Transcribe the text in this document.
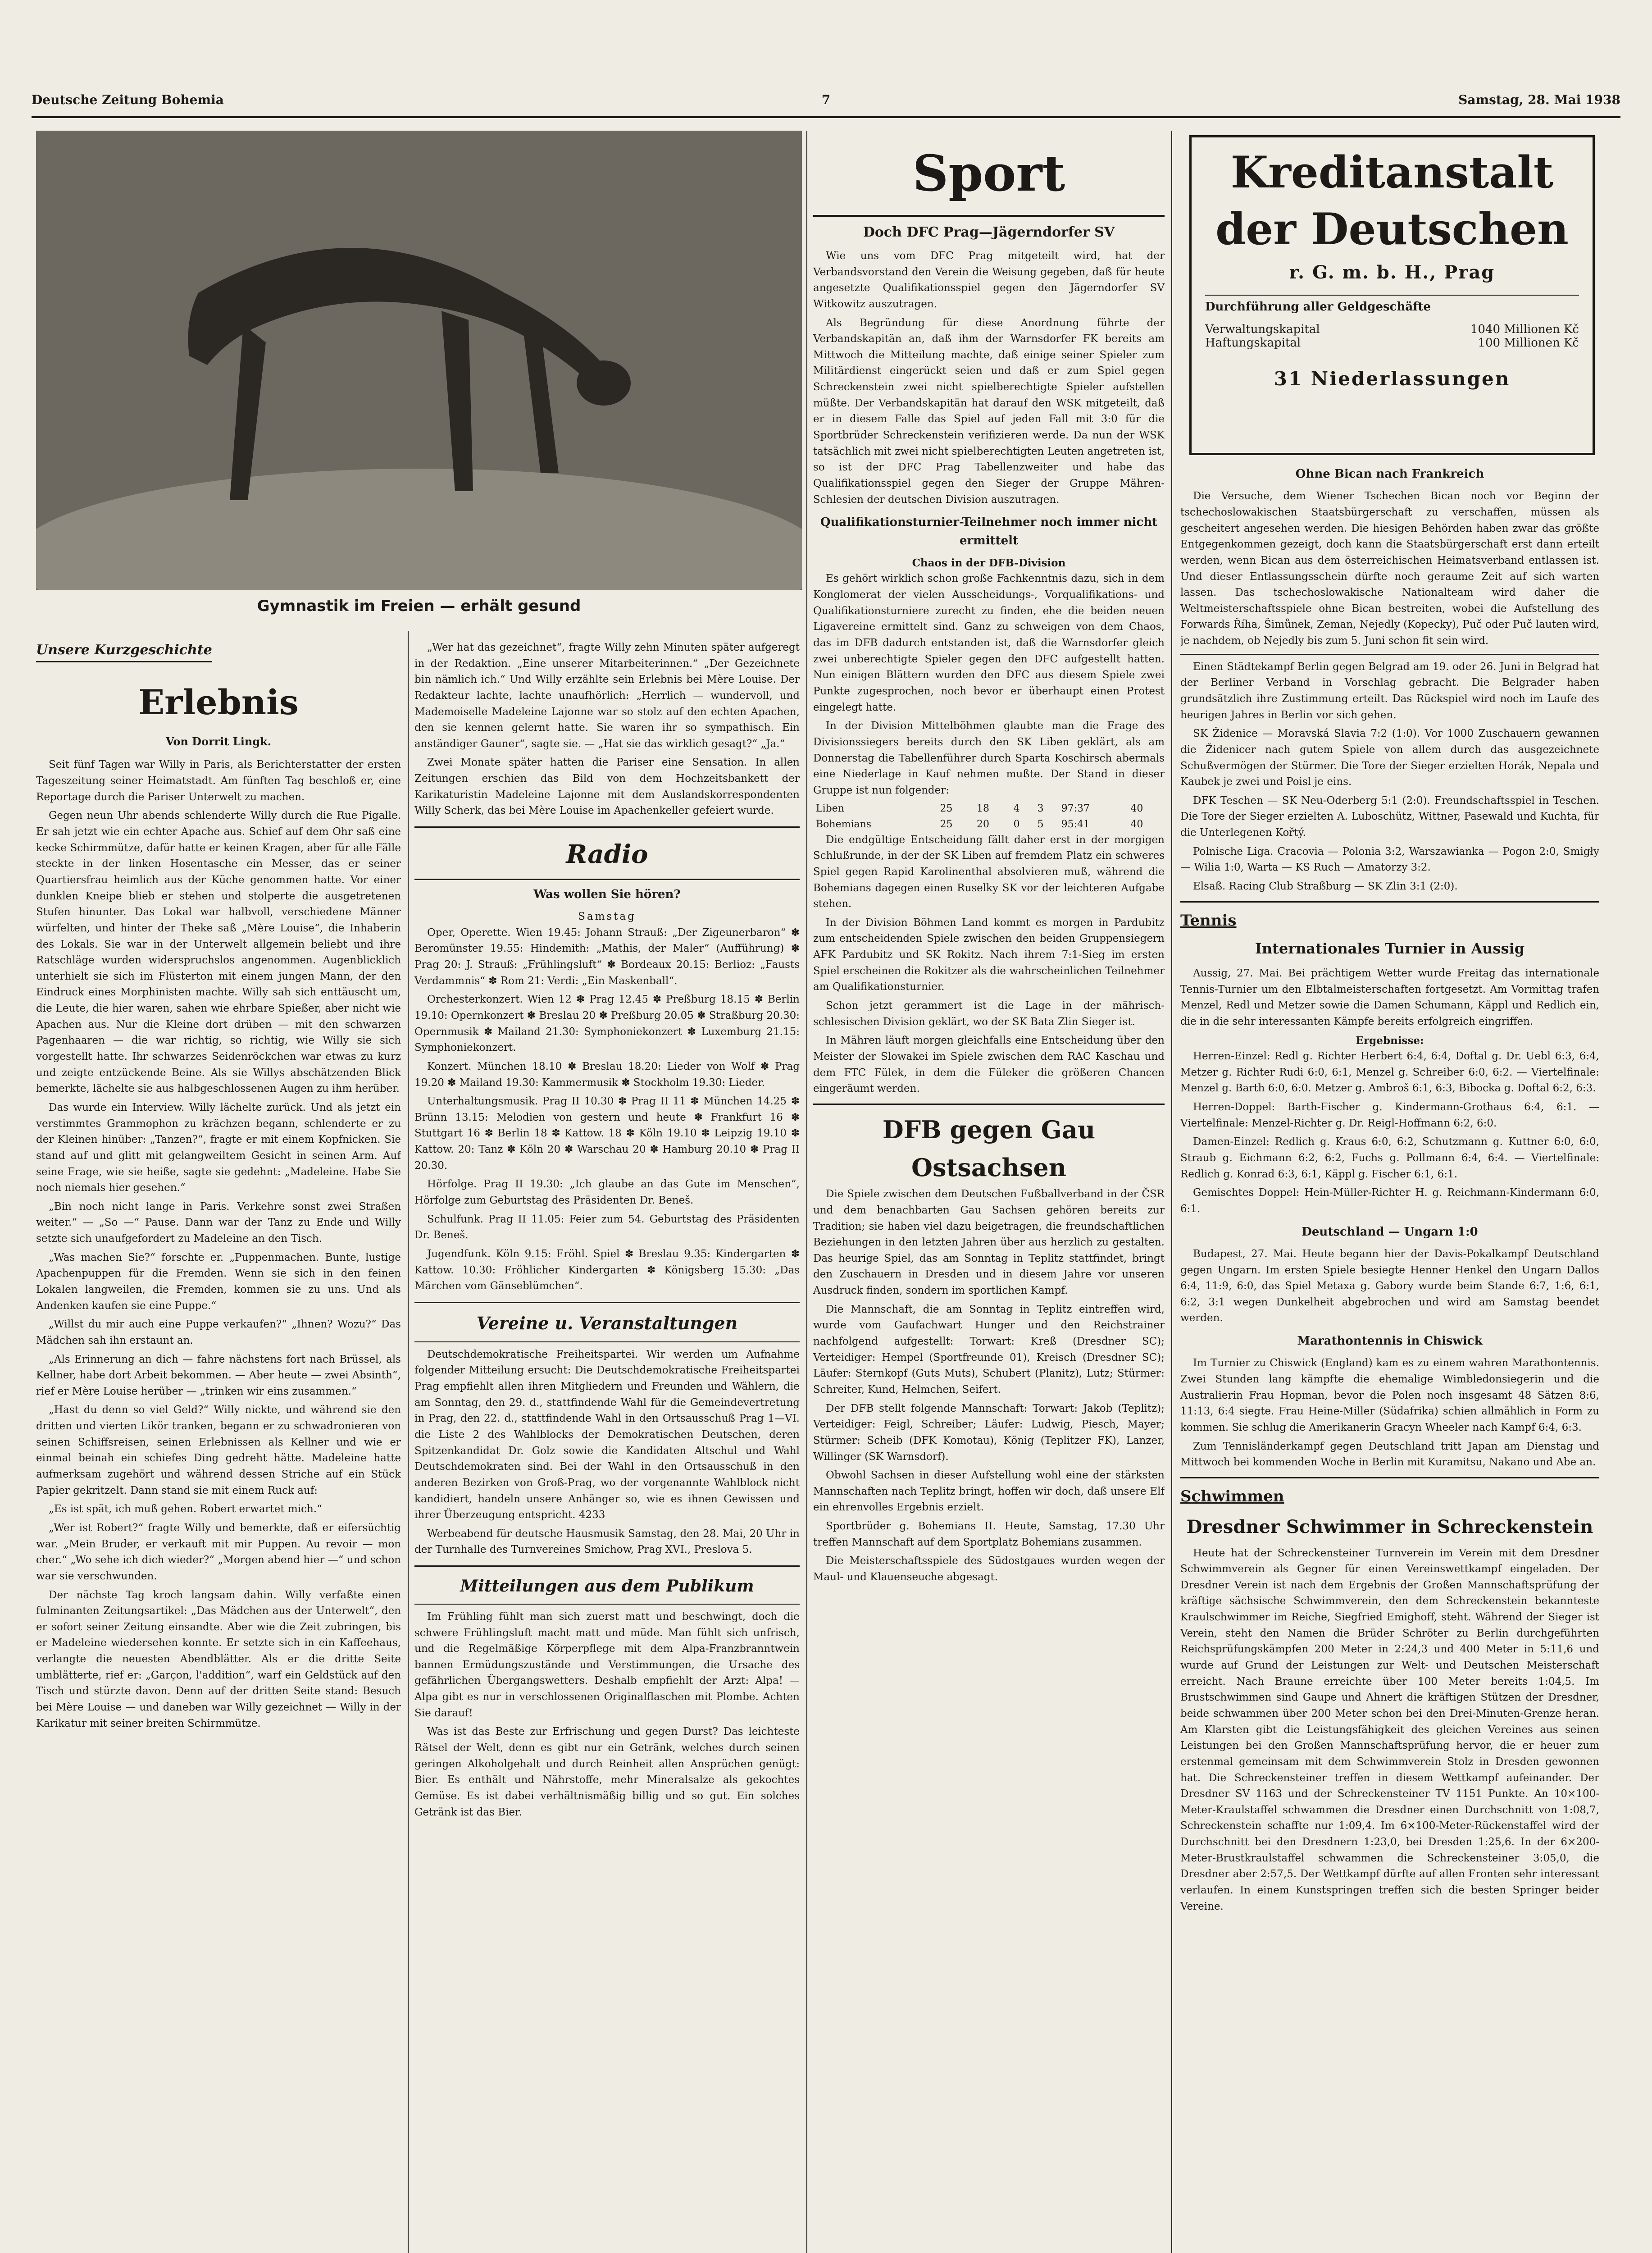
Deutsche Zeitung Bohemia	7	Samstag, 28. Mai 1938
Gymnastik im Freien — erhält gesund
Unsere Kurzgeschichte
Erlebnis
Von Dorrit Lingk.

Seit fünf Tagen war Willy in Paris, als Berichterstatter der ersten Tageszeitung seiner Heimatstadt. Am fünften Tag beschloß er, eine Reportage durch die Pariser Unterwelt zu machen.

Gegen neun Uhr abends schlenderte Willy durch die Rue Pigalle. Er sah jetzt wie ein echter Apache aus. Schief auf dem Ohr saß eine kecke Schirmmütze, dafür hatte er keinen Kragen, aber für alle Fälle steckte in der linken Hosentasche ein Messer, das er seiner Quartiersfrau heimlich aus der Küche genommen hatte. Vor einer dunklen Kneipe blieb er stehen und stolperte die ausgetretenen Stufen hinunter. Das Lokal war halbvoll, verschiedene Männer würfelten, und hinter der Theke saß „Mère Louise“, die Inhaberin des Lokals. Sie war in der Unterwelt allgemein beliebt und ihre Ratschläge wurden widerspruchslos angenommen. Augenblicklich unterhielt sie sich im Flüsterton mit einem jungen Mann, der den Eindruck eines Morphinisten machte. Willy sah sich enttäuscht um, die Leute, die hier waren, sahen wie ehrbare Spießer, aber nicht wie Apachen aus. Nur die Kleine dort drüben — mit den schwarzen Pagenhaaren — die war richtig, so richtig, wie Willy sie sich vorgestellt hatte. Ihr schwarzes Seidenröckchen war etwas zu kurz und zeigte entzückende Beine. Als sie Willys abschätzenden Blick bemerkte, lächelte sie aus halbgeschlossenen Augen zu ihm herüber.

Das wurde ein Interview. Willy lächelte zurück. Und als jetzt ein verstimmtes Grammophon zu krächzen begann, schlenderte er zu der Kleinen hinüber: „Tanzen?“, fragte er mit einem Kopfnicken. Sie stand auf und glitt mit gelangweiltem Gesicht in seinen Arm. Auf seine Frage, wie sie heiße, sagte sie gedehnt: „Madeleine. Habe Sie noch niemals hier gesehen.“

„Bin noch nicht lange in Paris. Verkehre sonst zwei Straßen weiter.“ — „So —“ Pause. Dann war der Tanz zu Ende und Willy setzte sich unaufgefordert zu Madeleine an den Tisch.

„Was machen Sie?“ forschte er. „Puppenmachen. Bunte, lustige Apachenpuppen für die Fremden. Wenn sie sich in den feinen Lokalen langweilen, die Fremden, kommen sie zu uns. Und als Andenken kaufen sie eine Puppe.“

„Willst du mir auch eine Puppe verkaufen?“ „Ihnen? Wozu?“ Das Mädchen sah ihn erstaunt an.

„Als Erinnerung an dich — fahre nächstens fort nach Brüssel, als Kellner, habe dort Arbeit bekommen. — Aber heute — zwei Absinth“, rief er Mère Louise herüber — „trinken wir eins zusammen.“

„Hast du denn so viel Geld?“ Willy nickte, und während sie den dritten und vierten Likör tranken, begann er zu schwadronieren von seinen Schiffsreisen, seinen Erlebnissen als Kellner und wie er einmal beinah ein schiefes Ding gedreht hätte. Madeleine hatte aufmerksam zugehört und während dessen Striche auf ein Stück Papier gekritzelt. Dann stand sie mit einem Ruck auf:

„Es ist spät, ich muß gehen. Robert erwartet mich.“

„Wer ist Robert?“ fragte Willy und bemerkte, daß er eifersüchtig war. „Mein Bruder, er verkauft mit mir Puppen. Au revoir — mon cher.“ „Wo sehe ich dich wieder?“ „Morgen abend hier —“ und schon war sie verschwunden.

Der nächste Tag kroch langsam dahin. Willy verfaßte einen fulminanten Zeitungsartikel: „Das Mädchen aus der Unterwelt“, den er sofort seiner Zeitung einsandte. Aber wie die Zeit zubringen, bis er Madeleine wiedersehen konnte. Er setzte sich in ein Kaffeehaus, verlangte die neuesten Abendblätter. Als er die dritte Seite umblätterte, rief er: „Garçon, l'addition“, warf ein Geldstück auf den Tisch und stürzte davon. Denn auf der dritten Seite stand: Besuch bei Mère Louise — und daneben war Willy gezeichnet — Willy in der Karikatur mit seiner breiten Schirmmütze.

„Wer hat das gezeichnet“, fragte Willy zehn Minuten später aufgeregt in der Redaktion. „Eine unserer Mitarbeiterinnen.“ „Der Gezeichnete bin nämlich ich.“ Und Willy erzählte sein Erlebnis bei Mère Louise. Der Redakteur lachte, lachte unaufhörlich: „Herrlich — wundervoll, und Mademoiselle Madeleine Lajonne war so stolz auf den echten Apachen, den sie kennen gelernt hatte. Sie waren ihr so sympathisch. Ein anständiger Gauner“, sagte sie. — „Hat sie das wirklich gesagt?“ „Ja.“

Zwei Monate später hatten die Pariser eine Sensation. In allen Zeitungen erschien das Bild von dem Hochzeitsbankett der Karikaturistin Madeleine Lajonne mit dem Auslandskorrespondenten Willy Scherk, das bei Mère Louise im Apachenkeller gefeiert wurde.

Radio
Was wollen Sie hören?
Samstag

Oper, Operette. Wien 19.45: Johann Strauß: „Der Zigeunerbaron“ ✽ Beromünster 19.55: Hindemith: „Mathis, der Maler“ (Aufführung) ✽ Prag 20: J. Strauß: „Frühlingsluft“ ✽ Bordeaux 20.15: Berlioz: „Fausts Verdammnis“ ✽ Rom 21: Verdi: „Ein Maskenball“.

Orchesterkonzert. Wien 12 ✽ Prag 12.45 ✽ Preßburg 18.15 ✽ Berlin 19.10: Opernkonzert ✽ Breslau 20 ✽ Preßburg 20.05 ✽ Straßburg 20.30: Opernmusik ✽ Mailand 21.30: Symphoniekonzert ✽ Luxemburg 21.15: Symphoniekonzert.

Konzert. München 18.10 ✽ Breslau 18.20: Lieder von Wolf ✽ Prag 19.20 ✽ Mailand 19.30: Kammermusik ✽ Stockholm 19.30: Lieder.

Unterhaltungsmusik. Prag II 10.30 ✽ Prag II 11 ✽ München 14.25 ✽ Brünn 13.15: Melodien von gestern und heute ✽ Frankfurt 16 ✽ Stuttgart 16 ✽ Berlin 18 ✽ Kattow. 18 ✽ Köln 19.10 ✽ Leipzig 19.10 ✽ Kattow. 20: Tanz ✽ Köln 20 ✽ Warschau 20 ✽ Hamburg 20.10 ✽ Prag II 20.30.

Hörfolge. Prag II 19.30: „Ich glaube an das Gute im Menschen“, Hörfolge zum Geburtstag des Präsidenten Dr. Beneš.

Schulfunk. Prag II 11.05: Feier zum 54. Geburtstag des Präsidenten Dr. Beneš.

Jugendfunk. Köln 9.15: Fröhl. Spiel ✽ Breslau 9.35: Kindergarten ✽ Kattow. 10.30: Fröhlicher Kindergarten ✽ Königsberg 15.30: „Das Märchen vom Gänseblümchen“.

Vereine u. Veranstaltungen

Deutschdemokratische Freiheitspartei. Wir werden um Aufnahme folgender Mitteilung ersucht: Die Deutschdemokratische Freiheitspartei Prag empfiehlt allen ihren Mitgliedern und Freunden und Wählern, die am Sonntag, den 29. d., stattfindende Wahl für die Gemeindevertretung in Prag, den 22. d., stattfindende Wahl in den Ortsausschuß Prag 1—VI. die Liste 2 des Wahlblocks der Demokratischen Deutschen, deren Spitzenkandidat Dr. Golz sowie die Kandidaten Altschul und Wahl Deutschdemokraten sind. Bei der Wahl in den Ortsausschuß in den anderen Bezirken von Groß-Prag, wo der vorgenannte Wahlblock nicht kandidiert, handeln unsere Anhänger so, wie es ihnen Gewissen und ihrer Überzeugung entspricht. 4233

Werbeabend für deutsche Hausmusik Samstag, den 28. Mai, 20 Uhr in der Turnhalle des Turnvereines Smichow, Prag XVI., Preslova 5.

Mitteilungen aus dem Publikum

Im Frühling fühlt man sich zuerst matt und beschwingt, doch die schwere Frühlingsluft macht matt und müde. Man fühlt sich unfrisch, und die Regelmäßige Körperpflege mit dem Alpa-Franzbranntwein bannen Ermüdungszustände und Verstimmungen, die Ursache des gefährlichen Übergangswetters. Deshalb empfiehlt der Arzt: Alpa! — Alpa gibt es nur in verschlossenen Originalflaschen mit Plombe. Achten Sie darauf!

Was ist das Beste zur Erfrischung und gegen Durst? Das leichteste Rätsel der Welt, denn es gibt nur ein Getränk, welches durch seinen geringen Alkoholgehalt und durch Reinheit allen Ansprüchen genügt: Bier. Es enthält und Nährstoffe, mehr Mineralsalze als gekochtes Gemüse. Es ist dabei verhältnismäßig billig und so gut. Ein solches Getränk ist das Bier.

Sport
Doch DFC Prag—Jägerndorfer SV

Wie uns vom DFC Prag mitgeteilt wird, hat der Verbandsvorstand den Verein die Weisung gegeben, daß für heute angesetzte Qualifikationsspiel gegen den Jägerndorfer SV Witkowitz auszutragen.

Als Begründung für diese Anordnung führte der Verbandskapitän an, daß ihm der Warnsdorfer FK bereits am Mittwoch die Mitteilung machte, daß einige seiner Spieler zum Militärdienst eingerückt seien und daß er zum Spiel gegen Schreckenstein zwei nicht spielberechtigte Spieler aufstellen müßte. Der Verbandskapitän hat darauf den WSK mitgeteilt, daß er in diesem Falle das Spiel auf jeden Fall mit 3:0 für die Sportbrüder Schreckenstein verifizieren werde. Da nun der WSK tatsächlich mit zwei nicht spielberechtigten Leuten angetreten ist, so ist der DFC Prag Tabellenzweiter und habe das Qualifikationsspiel gegen den Sieger der Gruppe Mähren-Schlesien der deutschen Division auszutragen.

Qualifikationsturnier-Teilnehmer noch immer nicht ermittelt
Chaos in der DFB-Division

Es gehört wirklich schon große Fachkenntnis dazu, sich in dem Konglomerat der vielen Ausscheidungs-, Vorqualifikations- und Qualifikationsturniere zurecht zu finden, ehe die beiden neuen Ligavereine ermittelt sind. Ganz zu schweigen von dem Chaos, das im DFB dadurch entstanden ist, daß die Warnsdorfer gleich zwei unberechtigte Spieler gegen den DFC aufgestellt hatten. Nun einigen Blättern wurden den DFC aus diesem Spiele zwei Punkte zugesprochen, noch bevor er überhaupt einen Protest eingelegt hatte.

In der Division Mittelböhmen glaubte man die Frage des Divisionssiegers bereits durch den SK Liben geklärt, als am Donnerstag die Tabellenführer durch Sparta Koschirsch abermals eine Niederlage in Kauf nehmen mußte. Der Stand in dieser Gruppe ist nun folgender:

Liben	25	18	4	3	97:37	40
Bohemians	25	20	0	5	95:41	40

Die endgültige Entscheidung fällt daher erst in der morgigen Schlußrunde, in der der SK Liben auf fremdem Platz ein schweres Spiel gegen Rapid Karolinenthal absolvieren muß, während die Bohemians dagegen einen Ruselky SK vor der leichteren Aufgabe stehen.

In der Division Böhmen Land kommt es morgen in Pardubitz zum entscheidenden Spiele zwischen den beiden Gruppensiegern AFK Pardubitz und SK Rokitz. Nach ihrem 7:1-Sieg im ersten Spiel erscheinen die Rokitzer als die wahrscheinlichen Teilnehmer am Qualifikationsturnier.

Schon jetzt gerammert ist die Lage in der mährisch-schlesischen Division geklärt, wo der SK Bata Zlin Sieger ist.

In Mähren läuft morgen gleichfalls eine Entscheidung über den Meister der Slowakei im Spiele zwischen dem RAC Kaschau und dem FTC Fülek, in dem die Füleker die größeren Chancen eingeräumt werden.

DFB gegen Gau Ostsachsen

Die Spiele zwischen dem Deutschen Fußballverband in der ČSR und dem benachbarten Gau Sachsen gehören bereits zur Tradition; sie haben viel dazu beigetragen, die freundschaftlichen Beziehungen in den letzten Jahren über aus herzlich zu gestalten. Das heurige Spiel, das am Sonntag in Teplitz stattfindet, bringt den Zuschauern in Dresden und in diesem Jahre vor unseren Ausdruck finden, sondern im sportlichen Kampf.

Die Mannschaft, die am Sonntag in Teplitz eintreffen wird, wurde vom Gaufachwart Hunger und den Reichstrainer nachfolgend aufgestellt: Torwart: Kreß (Dresdner SC); Verteidiger: Hempel (Sportfreunde 01), Kreisch (Dresdner SC); Läufer: Sternkopf (Guts Muts), Schubert (Planitz), Lutz; Stürmer: Schreiter, Kund, Helmchen, Seifert.

Der DFB stellt folgende Mannschaft: Torwart: Jakob (Teplitz); Verteidiger: Feigl, Schreiber; Läufer: Ludwig, Piesch, Mayer; Stürmer: Scheib (DFK Komotau), König (Teplitzer FK), Lanzer, Willinger (SK Warnsdorf).

Obwohl Sachsen in dieser Aufstellung wohl eine der stärksten Mannschaften nach Teplitz bringt, hoffen wir doch, daß unsere Elf ein ehrenvolles Ergebnis erzielt.

Sportbrüder g. Bohemians II. Heute, Samstag, 17.30 Uhr treffen Mannschaft auf dem Sportplatz Bohemians zusammen.

Die Meisterschaftsspiele des Südostgaues wurden wegen der Maul- und Klauenseuche abgesagt.

Kreditanstalt
der Deutschen
r. G. m. b. H., Prag
Durchführung aller Geldgeschäfte
Verwaltungskapital	1040 Millionen Kč
Haftungskapital	100 Millionen Kč
31 Niederlassungen
Ohne Bican nach Frankreich

Die Versuche, dem Wiener Tschechen Bican noch vor Beginn der tschechoslowakischen Staatsbürgerschaft zu verschaffen, müssen als gescheitert angesehen werden. Die hiesigen Behörden haben zwar das größte Entgegenkommen gezeigt, doch kann die Staatsbürgerschaft erst dann erteilt werden, wenn Bican aus dem österreichischen Heimatsverband entlassen ist. Und dieser Entlassungsschein dürfte noch geraume Zeit auf sich warten lassen. Das tschechoslowakische Nationalteam wird daher die Weltmeisterschaftsspiele ohne Bican bestreiten, wobei die Aufstellung des Forwards Říha, Šimůnek, Zeman, Nejedly (Kopecky), Puč oder Puč lauten wird, je nachdem, ob Nejedly bis zum 5. Juni schon fit sein wird.

Einen Städtekampf Berlin gegen Belgrad am 19. oder 26. Juni in Belgrad hat der Berliner Verband in Vorschlag gebracht. Die Belgrader haben grundsätzlich ihre Zustimmung erteilt. Das Rückspiel wird noch im Laufe des heurigen Jahres in Berlin vor sich gehen.

SK Židenice — Moravská Slavia 7:2 (1:0). Vor 1000 Zuschauern gewannen die Židenicer nach gutem Spiele von allem durch das ausgezeichnete Schußvermögen der Stürmer. Die Tore der Sieger erzielten Horák, Nepala und Kaubek je zwei und Poisl je eins.

DFK Teschen — SK Neu-Oderberg 5:1 (2:0). Freundschaftsspiel in Teschen. Die Tore der Sieger erzielten A. Luboschütz, Wittner, Pasewald und Kuchta, für die Unterlegenen Kořtý.

Polnische Liga. Cracovia — Polonia 3:2, Warszawianka — Pogon 2:0, Smigły — Wilia 1:0, Warta — KS Ruch — Amatorzy 3:2.

Elsaß. Racing Club Straßburg — SK Zlin 3:1 (2:0).

Tennis
Internationales Turnier in Aussig

Aussig, 27. Mai. Bei prächtigem Wetter wurde Freitag das internationale Tennis-Turnier um den Elbtalmeisterschaften fortgesetzt. Am Vormittag trafen Menzel, Redl und Metzer sowie die Damen Schumann, Käppl und Redlich ein, die in die sehr interessanten Kämpfe bereits erfolgreich eingriffen.

Ergebnisse:

Herren-Einzel: Redl g. Richter Herbert 6:4, 6:4, Doftal g. Dr. Uebl 6:3, 6:4, Metzer g. Richter Rudi 6:0, 6:1, Menzel g. Schreiber 6:0, 6:2. — Viertelfinale: Menzel g. Barth 6:0, 6:0. Metzer g. Ambroš 6:1, 6:3, Bibocka g. Doftal 6:2, 6:3.

Herren-Doppel: Barth-Fischer g. Kindermann-Grothaus 6:4, 6:1. — Viertelfinale: Menzel-Richter g. Dr. Reigl-Hoffmann 6:2, 6:0.

Damen-Einzel: Redlich g. Kraus 6:0, 6:2, Schutzmann g. Kuttner 6:0, 6:0, Straub g. Eichmann 6:2, 6:2, Fuchs g. Pollmann 6:4, 6:4. — Viertelfinale: Redlich g. Konrad 6:3, 6:1, Käppl g. Fischer 6:1, 6:1.

Gemischtes Doppel: Hein-Müller-Richter H. g. Reichmann-Kindermann 6:0, 6:1.

Deutschland — Ungarn 1:0

Budapest, 27. Mai. Heute begann hier der Davis-Pokalkampf Deutschland gegen Ungarn. Im ersten Spiele besiegte Henner Henkel den Ungarn Dallos 6:4, 11:9, 6:0, das Spiel Metaxa g. Gabory wurde beim Stande 6:7, 1:6, 6:1, 6:2, 3:1 wegen Dunkelheit abgebrochen und wird am Samstag beendet werden.

Marathontennis in Chiswick

Im Turnier zu Chiswick (England) kam es zu einem wahren Marathontennis. Zwei Stunden lang kämpfte die ehemalige Wimbledonsiegerin und die Australierin Frau Hopman, bevor die Polen noch insgesamt 48 Sätzen 8:6, 11:13, 6:4 siegte. Frau Heine-Miller (Südafrika) schien allmählich in Form zu kommen. Sie schlug die Amerikanerin Gracyn Wheeler nach Kampf 6:4, 6:3.

Zum Tennisländerkampf gegen Deutschland tritt Japan am Dienstag und Mittwoch bei kommenden Woche in Berlin mit Kuramitsu, Nakano und Abe an.

Schwimmen
Dresdner Schwimmer in Schreckenstein

Heute hat der Schreckensteiner Turnverein im Verein mit dem Dresdner Schwimmverein als Gegner für einen Vereinswettkampf eingeladen. Der Dresdner Verein ist nach dem Ergebnis der Großen Mannschaftsprüfung der kräftige sächsische Schwimmverein, den dem Schreckenstein bekannteste Kraulschwimmer im Reiche, Siegfried Emighoff, steht. Während der Sieger ist Verein, steht den Namen die Brüder Schröter zu Berlin durchgeführten Reichsprüfungskämpfen 200 Meter in 2:24,3 und 400 Meter in 5:11,6 und wurde auf Grund der Leistungen zur Welt- und Deutschen Meisterschaft erreicht. Nach Braune erreichte über 100 Meter bereits 1:04,5. Im Brustschwimmen sind Gaupe und Ahnert die kräftigen Stützen der Dresdner, beide schwammen über 200 Meter schon bei den Drei-Minuten-Grenze heran. Am Klarsten gibt die Leistungsfähigkeit des gleichen Vereines aus seinen Leistungen bei den Großen Mannschaftsprüfung hervor, die er heuer zum erstenmal gemeinsam mit dem Schwimmverein Stolz in Dresden gewonnen hat. Die Schreckensteiner treffen in diesem Wettkampf aufeinander. Der Dresdner SV 1163 und der Schreckensteiner TV 1151 Punkte. An 10×100-Meter-Kraulstaffel schwammen die Dresdner einen Durchschnitt von 1:08,7, Schreckenstein schaffte nur 1:09,4. Im 6×100-Meter-Rückenstaffel wird der Durchschnitt bei den Dresdnern 1:23,0, bei Dresden 1:25,6. In der 6×200-Meter-Brustkraulstaffel schwammen die Schreckensteiner 3:05,0, die Dresdner aber 2:57,5. Der Wettkampf dürfte auf allen Fronten sehr interessant verlaufen. In einem Kunstspringen treffen sich die besten Springer beider Vereine.
